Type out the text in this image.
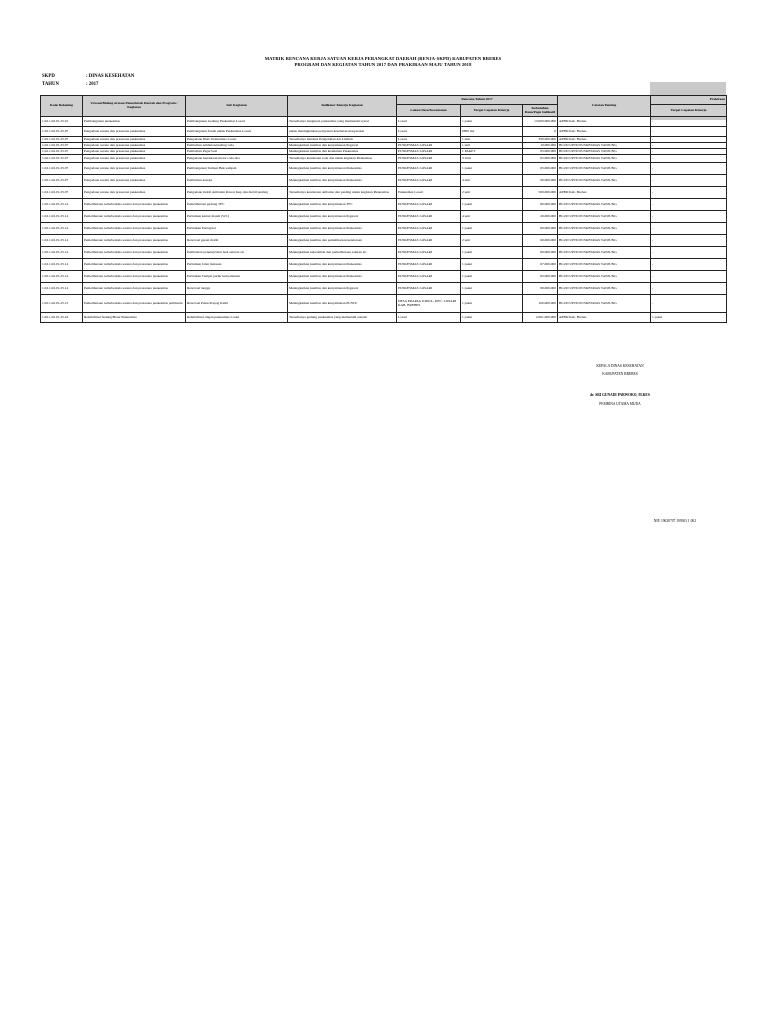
MATRIK RENCANA KERJA SATUAN KERJA PERANGKAT DAERAH (RENJA-SKPD) KABUPATEN BREBES
PROGRAM DAN KEGIATAN TAHUN 2017 DAN PRAKIRAAN MAJU TAHUN 2018
SKPD	: DINAS KESEHATAN
TAHUN	: 2017
Kode Rekening	Urusan/Bidang urusan Pemerintah Daerah dan Program / Kegiatan	Sub Kegiatan	Indikator Kinerja Kegiatan	Rencana Tahun 2017			Catatan Penting	Prakiraan
				Lokasi Desa/Kecamatan	Target Capaian Kinerja	Kebutuhan Dana/Pagu Indikatif		Target Capaian Kinerja
1.02.1.02.01.25.01	Pembangunan puskesmas	Pembangunan Gedung Puskesmas Losari	Tersedianya bangunan puskesmas yang memenuhi syarat	Losari	1 paket	13.000.000.000	APBD Kab. Brebes	-
1.02.1.02.01.25.07	Pengadaan sarana dan prasarana puskesmas	Pembangunan Tanah untuk Puskesmas Losari	untuk meningkatkan pelayanan kesehatan masyarakat	Losari	6800 m2	0	APBD Kab. Brebes	-
1.02.1.02.01.25.07	Pengadaan sarana dan prasarana puskesmas	Pengadaan IPAL Puskesmas Losari	Tersedianya Instalasi Pengolahan Air Limbah	Losari	1 unit	350.000.000	APBD Kab. Brebes	-
1.02.1.02.01.25.07	Pengadaan sarana dan prasarana puskesmas	Pembelian Ambulan/pusling roda	Meningkatkan kualitas dan kenyamanan Pegawai	PUSKESMAS LOSARI	1 unit	10.000.000	BLUD UPTD PUSKESMAS TANJUNG	-
1.02.1.02.01.25.07	Pengadaan sarana dan prasarana puskesmas	Pembelian Pagar besi	Meningkatkan kualitas dan keamanan Puskesmas	PUSKESMAS LOSARI	1 PAKET	85.000.000	BLUD UPTD PUSKESMAS TANJUNG	-
1.02.1.02.01.25.07	Pengadaan sarana dan prasarana puskesmas	Pengadaan kendaraan motor roda dua	Tersedianya kendaraan roda dua untuk kegiatan Puskesmas	PUSKESMAS LOSARI	3 Unit	65.000.000	BLUD UPTD PUSKESMAS TANJUNG	-
1.02.1.02.01.25.07	Pengadaan sarana dan prasarana puskesmas	Pembangunan Tempat Buk sampah	Meningkatkan kualitas dan kenyamanan Puskesmas	PUSKESMAS LOSARI	1 paket	65.000.000	BLUD UPTD PUSKESMAS TANJUNG	-
1.02.1.02.01.25.07	Pengadaan sarana dan prasarana puskesmas	Pembelian kanopi	Meningkatkan kualitas dan kenyamanan Puskesmas	PUSKESMAS LOSARI	4 unit	90.000.000	BLUD UPTD PUSKESMAS TANJUNG	-
1.02.1.02.01.25.07	Pengadaan sarana dan prasarana puskesmas	Pengadaan mobil Ambulan Rawat Inap dan mobil pusling	Tersedianya kendaraan ambulan dan pusling untuk kegiatan Puskesmas	Puskesmas Losari	2 unit	500.000.000	APBD Kab. Brebes	-
1.02.1.02.01.25.14	Pemeliharaan rutin/berkala sarana dan prasarana puskesmas	Pemeliharaan gedung TFC	Meningkatkan kualitas dan kenyamanan TFC	PUSKESMAS LOSARI	1 paket	80.000.000	BLUD UPTD PUSKESMAS TANJUNG	-
1.02.1.02.01.25.14	Pemeliharaan rutin/berkala sarana dan prasarana puskesmas	Perbaikan kamar mandi (WC)	Meningkatkan kualitas dan kenyamanan Pegawai	PUSKESMAS LOSARI	4 unit	20.000.000	BLUD UPTD PUSKESMAS TANJUNG	-
1.02.1.02.01.25.14	Pemeliharaan rutin/berkala sarana dan prasarana puskesmas	Perbaikan Parisgrasi	Meningkatkan kualitas dan kenyamanan Puskesmas	PUSKESMAS LOSARI	1 paket	60.000.000	BLUD UPTD PUSKESMAS TANJUNG	-
1.02.1.02.01.25.14	Pemeliharaan rutin/berkala sarana dan prasarana puskesmas	Renovasi garasi mobil	Meningkatkan kualitas dan pemeliharaan kendaraan	PUSKESMAS LOSARI	2 unit	60.000.000	BLUD UPTD PUSKESMAS TANJUNG	-
1.02.1.02.01.25.14	Pemeliharaan rutin/berkala sarana dan prasarana puskesmas	Pembuatan penutup/talut besi saluran air	Meningkatkan kebersihan dan pemeliharaan saluran air	PUSKESMAS LOSARI	1 paket	60.000.000	BLUD UPTD PUSKESMAS TANJUNG	-
1.02.1.02.01.25.14	Pemeliharaan rutin/berkala sarana dan prasarana puskesmas	Perbaikan Jalan lantasan	Meningkatkan kualitas dan kenyamanan Puskesmas	PUSKESMAS LOSARI	1 paket	67.000.000	BLUD UPTD PUSKESMAS TANJUNG	-
1.02.1.02.01.25.14	Pemeliharaan rutin/berkala sarana dan prasarana puskesmas	Perbaikan Tempat parkir kenyamanan	Meningkatkan kualitas dan kenyamanan Puskesmas	PUSKESMAS LOSARI	1 paket	82.000.000	BLUD UPTD PUSKESMAS TANJUNG	-
1.02.1.02.01.25.14	Pemeliharaan rutin/berkala sarana dan prasarana puskesmas	Renovasi tangga	Meningkatkan kualitas dan kenyamanan Pegawai	PUSKESMAS LOSARI	1 paket	80.000.000	BLUD UPTD PUSKESMAS TANJUNG	-
1.02.1.02.01.25.15	Pemeliharaan rutin/berkala sarana dan prasarana puskesmas pembantu	Renovasi Pustu Prapag Kidul	Meningkatkan kualitas dan kenyamanan PUSTU	DESA PRAPAG KIDUL, KEC. LOSARI KAB. BREBES	1 paket	100.000.000	BLUD UPTD PUSKESMAS TANJUNG	-
1.02.1.02.01.25.24	Rehabilitasi Sedang/Berat Puskesmas	Rehabilitasi ringan puskesmas Losari	Tersedianya gedung puskesmas yang memenuhi standar	Losari	1 paket	2.061.000.000	APBD Kab. Brebes	1 paket
KEPALA DINAS KESEHATAN
KABUPATEN BREBES
dr. SRI GUNADI PARWOKO, M.KES
PEMBINA UTAMA MUDA
NIP. 19620707 199303 1 002
